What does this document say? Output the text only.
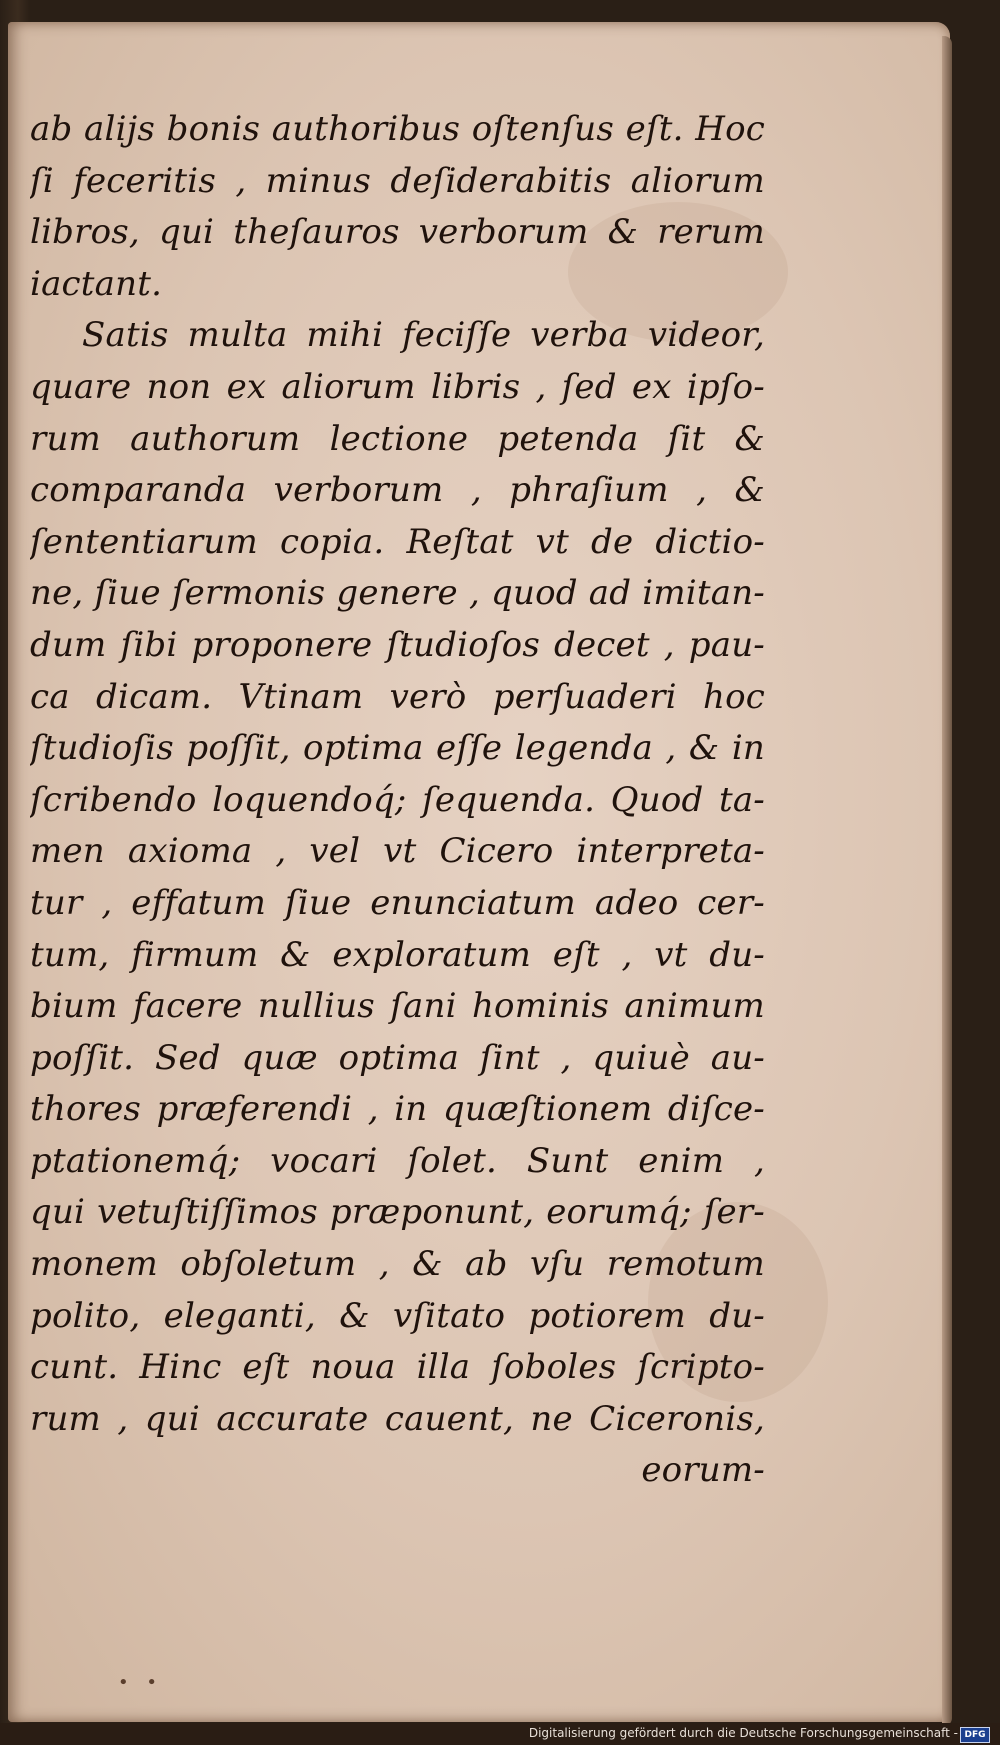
ab alijs bonis authoribus oſtenſus eſt. Hoc
ſi feceritis , minus deſiderabitis aliorum
libros, qui theſauros verborum & rerum
iactant.
Satis multa mihi feciſſe verba videor,
quare non ex aliorum libris , ſed ex ipſo-
rum authorum lectione petenda ſit &
comparanda verborum , phraſium , &
ſententiarum copia. Reſtat vt de dictio-
ne, ſiue ſermonis genere , quod ad imitan-
dum ſibi proponere ſtudioſos decet , pau-
ca dicam. Vtinam verò perſuaderi hoc
ſtudioſis poſſit, optima eſſe legenda , & in
ſcribendo loquendoq́; ſequenda. Quod ta-
men axioma , vel vt Cicero interpreta-
tur , effatum ſiue enunciatum adeo cer-
tum, firmum & exploratum eſt , vt du-
bium facere nullius ſani hominis animum
poſſit. Sed quæ optima ſint , quiuè au-
thores præferendi , in quæſtionem diſce-
ptationemq́; vocari ſolet. Sunt enim ,
qui vetuſtiſſimos præponunt, eorumq́; ſer-
monem obſoletum , & ab vſu remotum
polito, eleganti, & vſitato potiorem du-
cunt. Hinc eſt noua illa ſoboles ſcripto-
rum , qui accurate cauent, ne Ciceronis,
eorum-
• •
Digitalisierung gefördert durch die Deutsche Forschungsgemeinschaft - DFG
